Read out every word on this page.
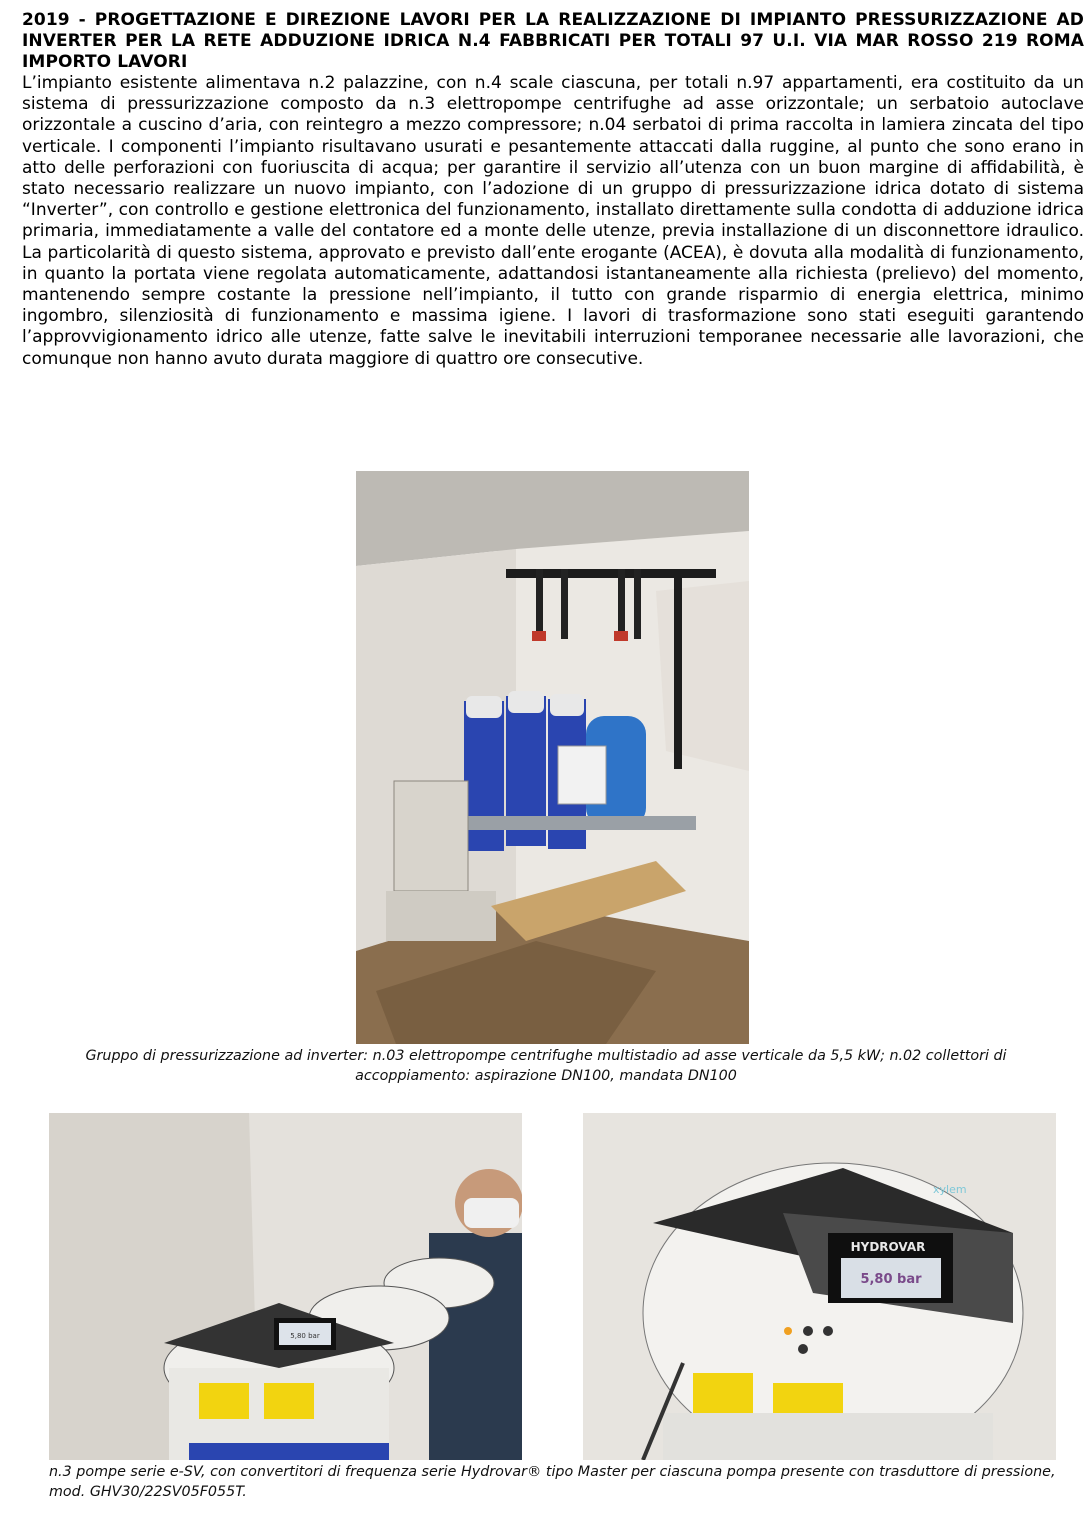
2019 - PROGETTAZIONE E DIREZIONE LAVORI PER LA REALIZZAZIONE DI IMPIANTO PRESSURIZZAZIONE AD INVERTER PER LA RETE ADDUZIONE IDRICA N.4 FABBRICATI PER TOTALI 97 U.I. VIA MAR ROSSO 219 ROMA IMPORTO LAVORI

L’impianto esistente alimentava n.2 palazzine, con n.4 scale ciascuna, per totali n.97 appartamenti, era costituito da un sistema di pressurizzazione composto da n.3 elettropompe centrifughe ad asse orizzontale; un serbatoio autoclave orizzontale a cuscino d’aria, con reintegro a mezzo compressore; n.04 serbatoi di prima raccolta in lamiera zincata del tipo verticale. I componenti l’impianto risultavano usurati e pesantemente attaccati dalla ruggine, al punto che sono erano in atto delle perforazioni con fuoriuscita di acqua; per garantire il servizio all’utenza con un buon margine di affidabilità, è stato necessario realizzare un nuovo impianto, con l’adozione di un gruppo di pressurizzazione idrica dotato di sistema “Inverter”, con controllo e gestione elettronica del funzionamento, installato direttamente sulla condotta di adduzione idrica primaria, immediatamente a valle del contatore ed a monte delle utenze, previa installazione di un disconnettore idraulico. La particolarità di questo sistema, approvato e previsto dall’ente erogante (ACEA), è dovuta alla modalità di funzionamento, in quanto la portata viene regolata automaticamente, adattandosi istantaneamente alla richiesta (prelievo) del momento, mantenendo sempre costante la pressione nell’impianto, il tutto con grande risparmio di energia elettrica, minimo ingombro, silenziosità di funzionamento e massima igiene. I lavori di trasformazione sono stati eseguiti garantendo l’approvvigionamento idrico alle utenze, fatte salve le inevitabili interruzioni temporanee necessarie alle lavorazioni, che comunque non hanno avuto durata maggiore di quattro ore consecutive.

Gruppo di pressurizzazione ad inverter: n.03 elettropompe centrifughe multistadio ad asse verticale da 5,5 kW; n.02 collettori di accoppiamento: aspirazione DN100, mandata DN100
5,80 bar
xylem
HYDROVAR
5,80 bar
n.3 pompe serie e-SV, con convertitori di frequenza serie Hydrovar® tipo Master per ciascuna pompa presente con trasduttore di pressione, mod. GHV30/22SV05F055T.
